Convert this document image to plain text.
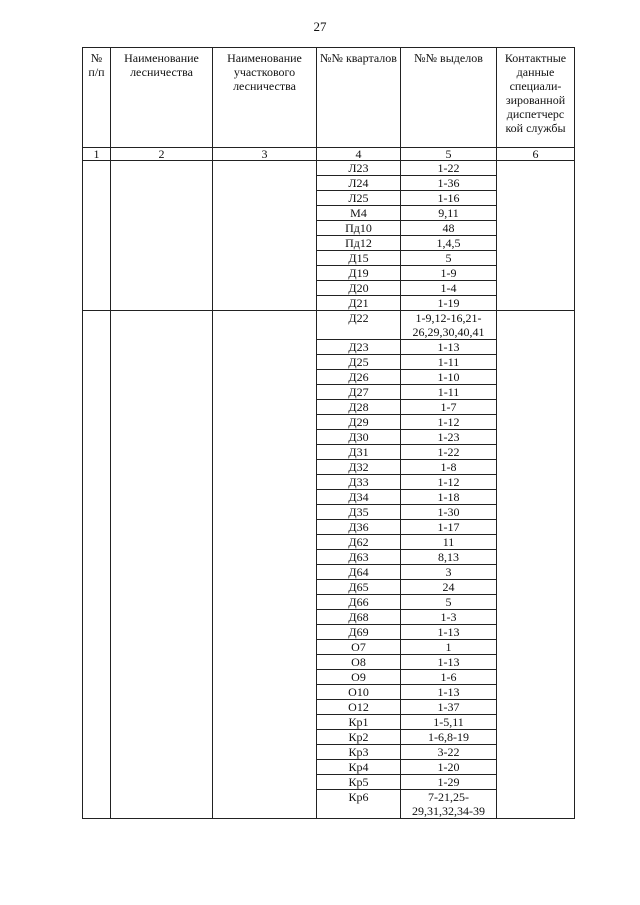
27
№
п/п	Наименование лесничества	Наименование участкового лесничества	№№ кварталов	№№ выделов	Контактные данные специали-зированной диспетчерс кой службы
1	2	3	4	5	6
			Л23	1-22	
			Л24	1-36	
			Л25	1-16	
			М4	9,11	
			Пд10	48	
			Пд12	1,4,5	
			Д15	5	
			Д19	1-9	
			Д20	1-4	
			Д21	1-19	
			Д22	1-9,12-16,21-26,29,30,40,41	
			Д23	1-13	
			Д25	1-11	
			Д26	1-10	
			Д27	1-11	
			Д28	1-7	
			Д29	1-12	
			Д30	1-23	
			Д31	1-22	
			Д32	1-8	
			Д33	1-12	
			Д34	1-18	
			Д35	1-30	
			Д36	1-17	
			Д62	11	
			Д63	8,13	
			Д64	3	
			Д65	24	
			Д66	5	
			Д68	1-3	
			Д69	1-13	
			О7	1	
			О8	1-13	
			О9	1-6	
			О10	1-13	
			О12	1-37	
			Кр1	1-5,11	
			Кр2	1-6,8-19	
			Кр3	3-22	
			Кр4	1-20	
			Кр5	1-29	
			Кр6	7-21,25-29,31,32,34-39	
